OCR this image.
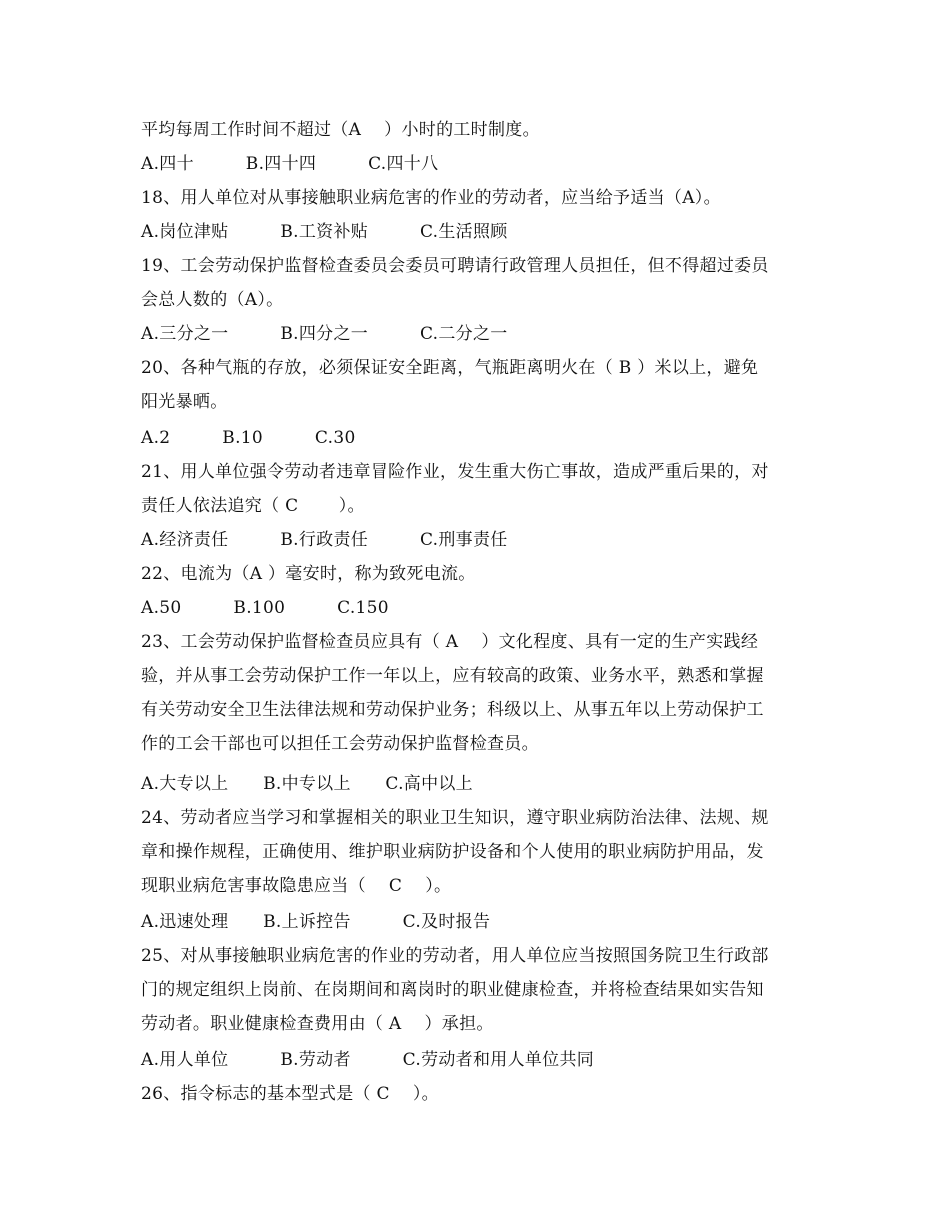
平均每周工作时间不超过（A　 ）小时的工时制度。
A.四十　　　B.四十四　　　C.四十八
18、用人单位对从事接触职业病危害的作业的劳动者，应当给予适当（A）。
A.岗位津贴　　　B.工资补贴　　　C.生活照顾
19、工会劳动保护监督检查委员会委员可聘请行政管理人员担任，但不得超过委员
会总人数的（A）。
A.三分之一　　　B.四分之一　　　C.二分之一
20、各种气瓶的存放，必须保证安全距离，气瓶距离明火在（ B ）米以上，避免
阳光暴晒。
A.2　　　B.10　　　C.30
21、用人单位强令劳动者违章冒险作业，发生重大伤亡事故，造成严重后果的，对
责任人依法追究（ C　　 ）。
A.经济责任　　　B.行政责任　　　C.刑事责任
22、电流为（A ）毫安时，称为致死电流。
A.50　　　B.100　　　C.150
23、工会劳动保护监督检查员应具有（ A　 ）文化程度、具有一定的生产实践经
验，并从事工会劳动保护工作一年以上，应有较高的政策、业务水平，熟悉和掌握
有关劳动安全卫生法律法规和劳动保护业务；科级以上、从事五年以上劳动保护工
作的工会干部也可以担任工会劳动保护监督检查员。
A.大专以上　　B.中专以上　　C.高中以上
24、劳动者应当学习和掌握相关的职业卫生知识，遵守职业病防治法律、法规、规
章和操作规程，正确使用、维护职业病防护设备和个人使用的职业病防护用品，发
现职业病危害事故隐患应当（　 C　 ）。
A.迅速处理　　B.上诉控告　　　C.及时报告
25、对从事接触职业病危害的作业的劳动者，用人单位应当按照国务院卫生行政部
门的规定组织上岗前、在岗期间和离岗时的职业健康检查，并将检查结果如实告知
劳动者。职业健康检查费用由（ A　 ）承担。
A.用人单位　　　B.劳动者　　　C.劳动者和用人单位共同
26、指令标志的基本型式是（ C　 ）。
